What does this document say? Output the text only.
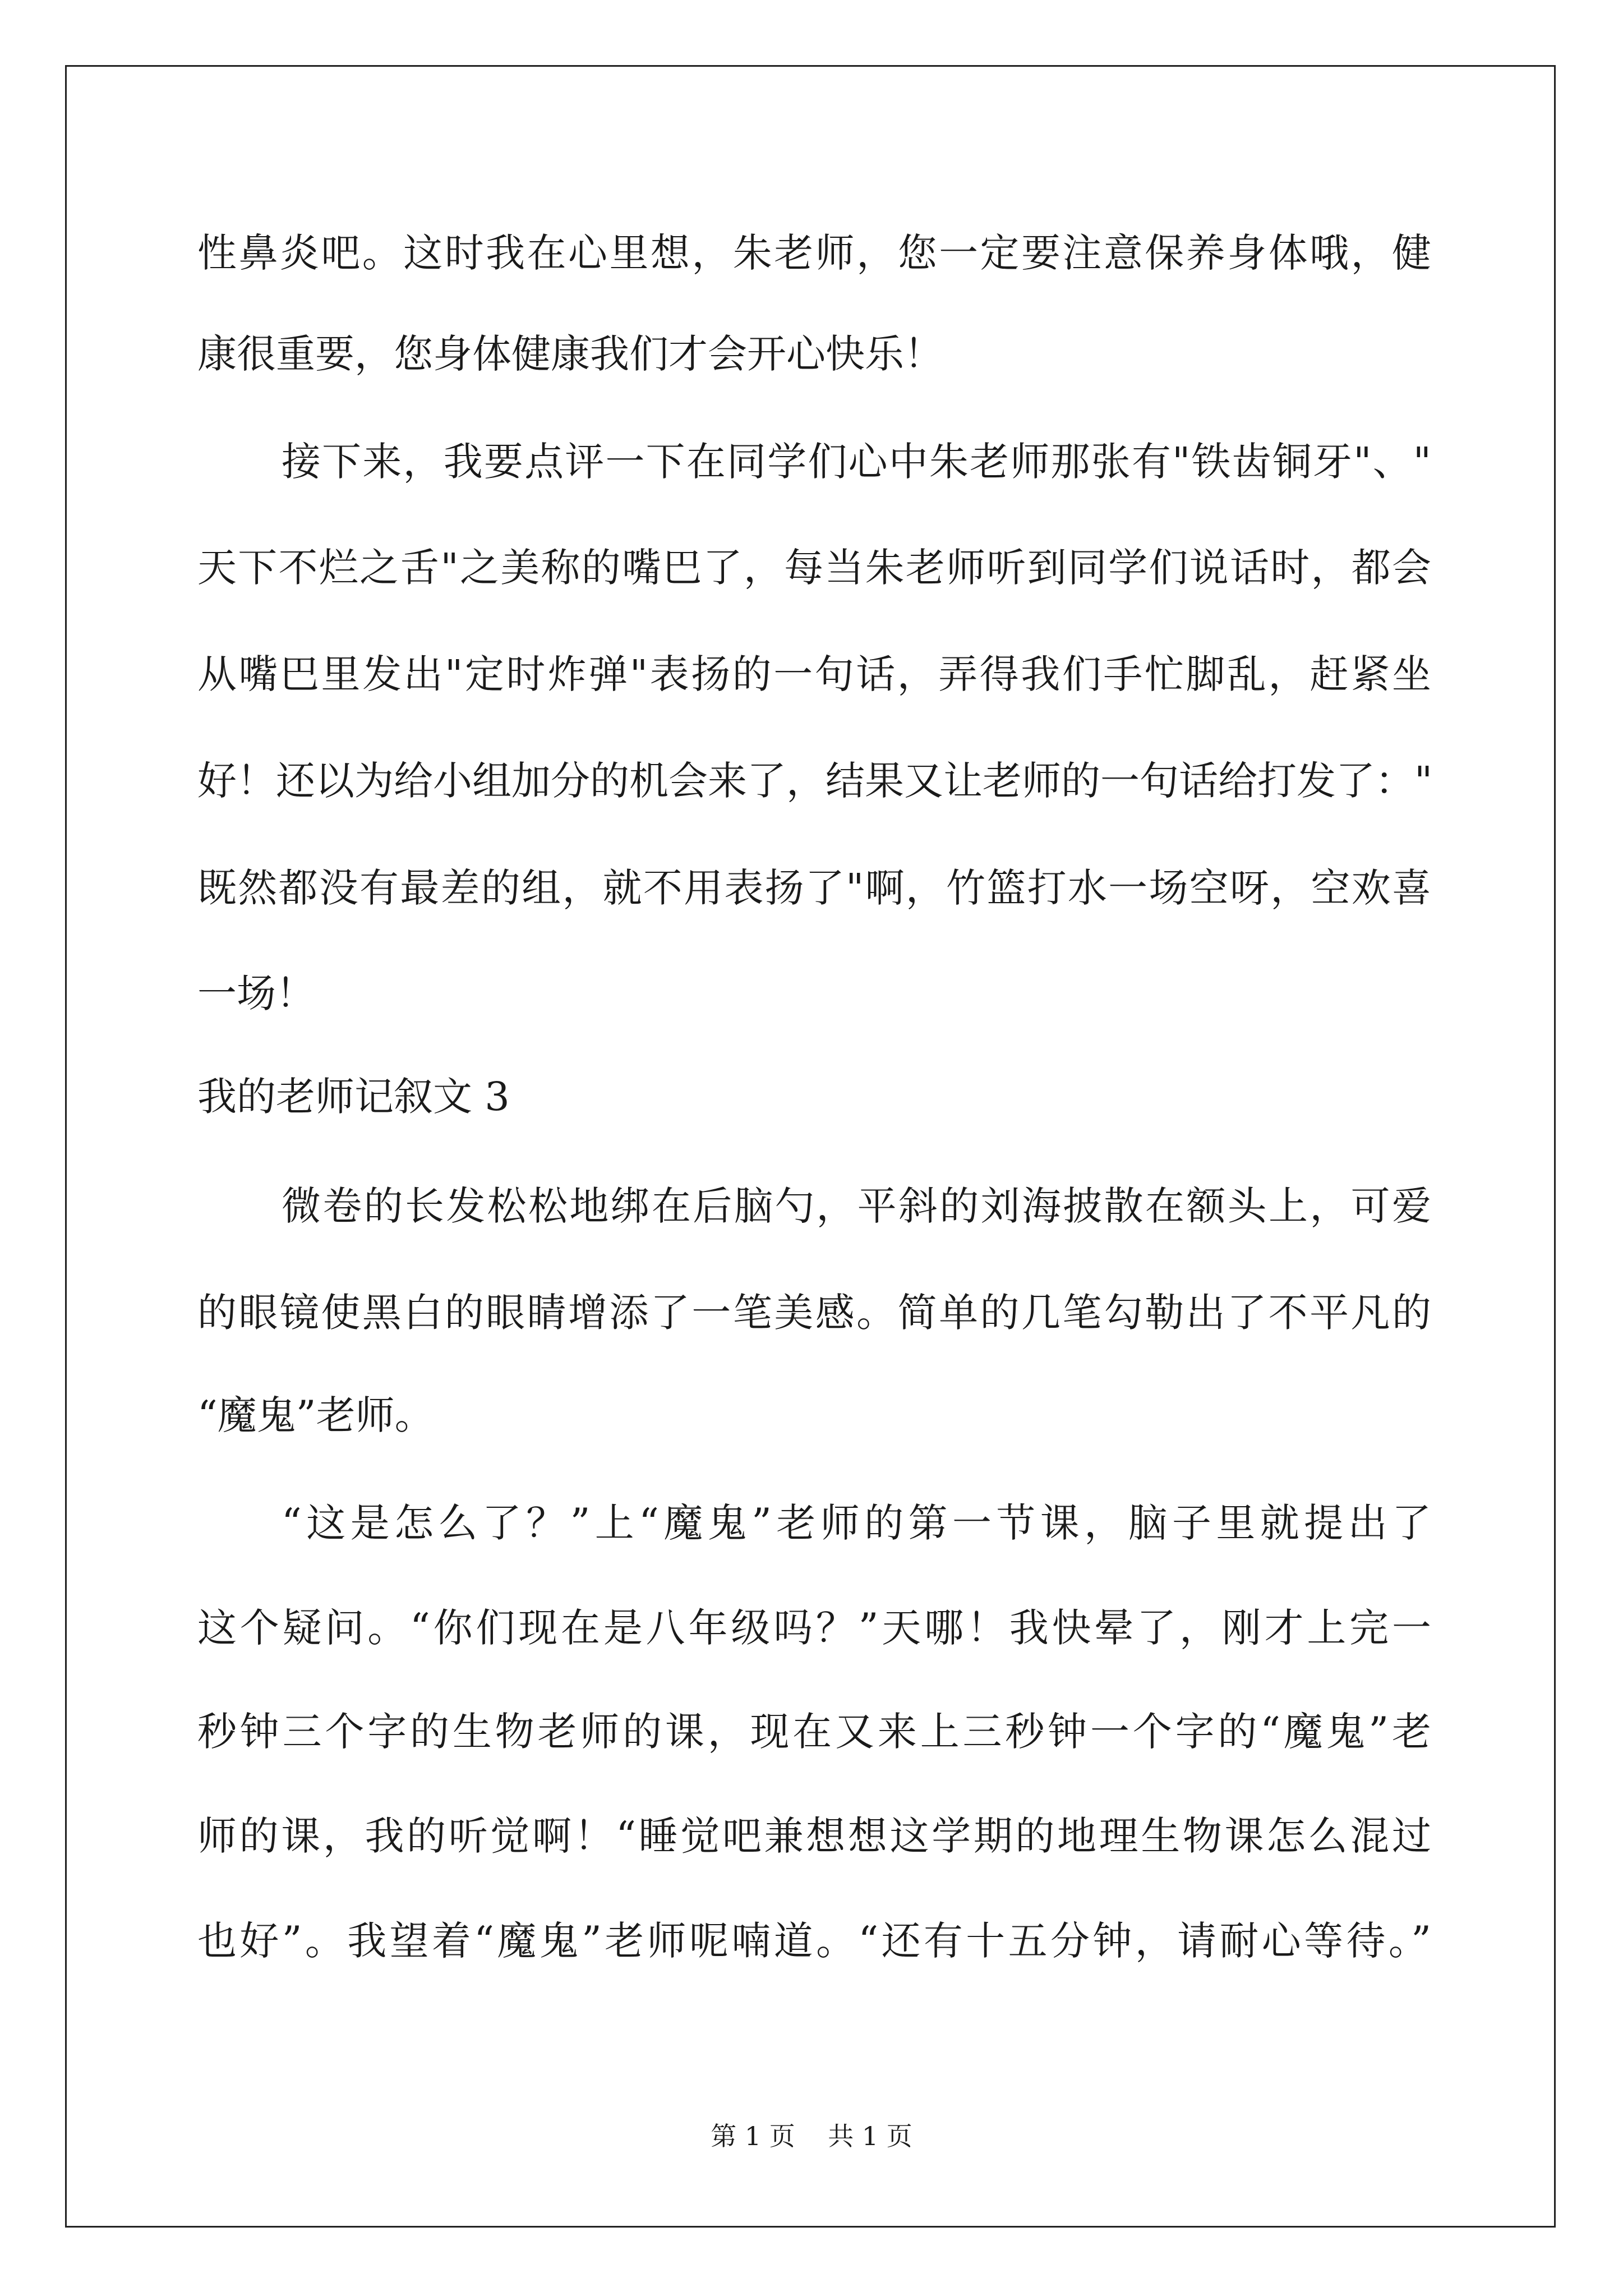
性鼻炎吧。这时我在心里想，朱老师，您一定要注意保养身体哦，健
康很重要，您身体健康我们才会开心快乐！
接下来，我要点评一下在同学们心中朱老师那张有"铁齿铜牙"、"
天下不烂之舌"之美称的嘴巴了，每当朱老师听到同学们说话时，都会
从嘴巴里发出"定时炸弹"表扬的一句话，弄得我们手忙脚乱，赶紧坐
好！还以为给小组加分的机会来了，结果又让老师的一句话给打发了："
既然都没有最差的组，就不用表扬了"啊，竹篮打水一场空呀，空欢喜
一场！
我的老师记叙文 3
微卷的长发松松地绑在后脑勺，平斜的刘海披散在额头上，可爱
的眼镜使黑白的眼睛增添了一笔美感。简单的几笔勾勒出了不平凡的
“魔鬼”老师。
“这是怎么了？”上“魔鬼”老师的第一节课，脑子里就提出了
这个疑问。“你们现在是八年级吗？”天哪！我快晕了，刚才上完一
秒钟三个字的生物老师的课，现在又来上三秒钟一个字的“魔鬼”老
师的课，我的听觉啊！“睡觉吧兼想想这学期的地理生物课怎么混过
也好”。我望着“魔鬼”老师呢喃道。“还有十五分钟，请耐心等待。”
第 1 页    共 1 页
